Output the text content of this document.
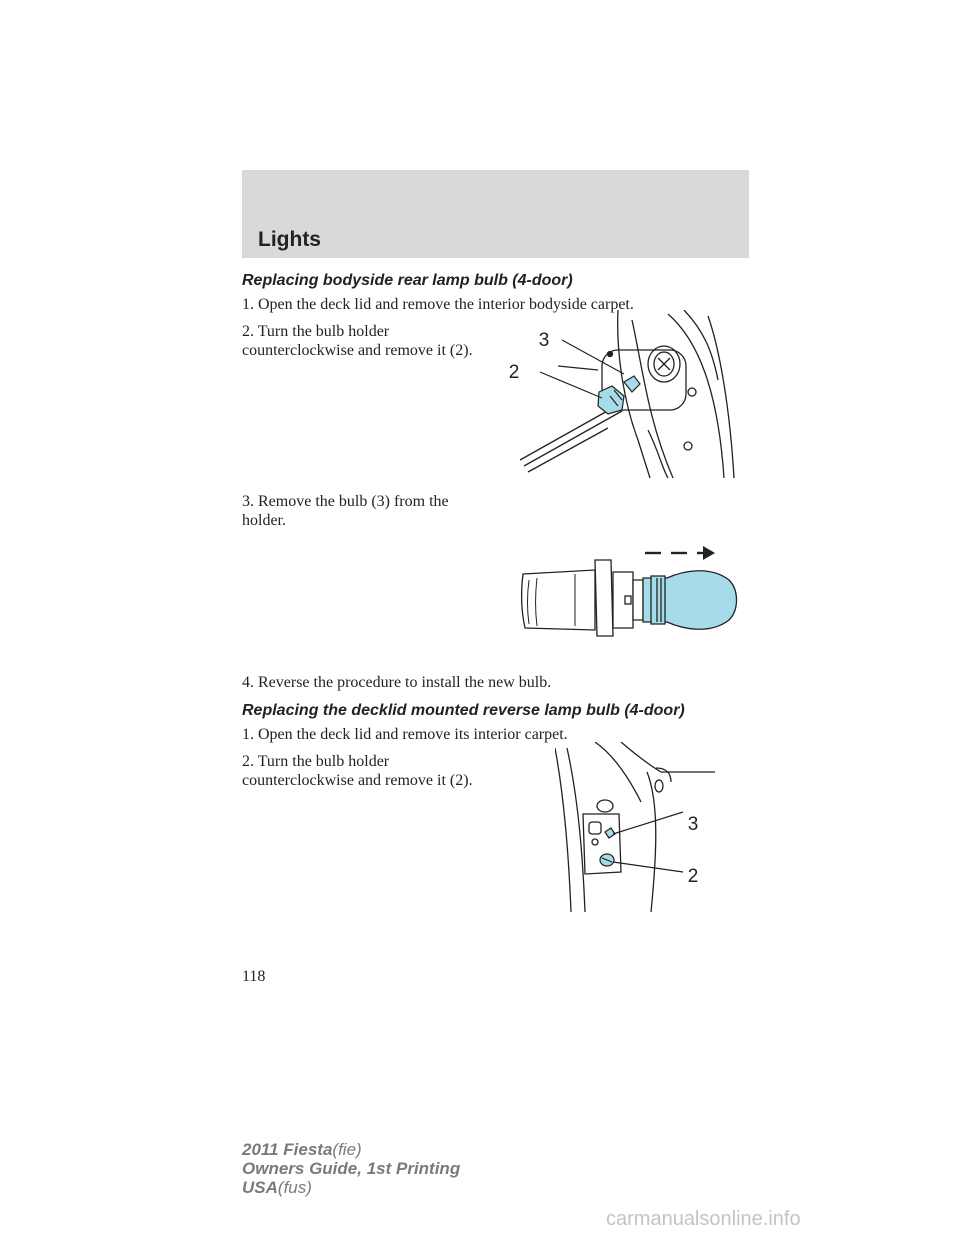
Lights
Replacing bodyside rear lamp bulb (4-door)
1. Open the deck lid and remove the interior bodyside carpet.
2. Turn the bulb holder
counterclockwise and remove it (2).	3
2
3. Remove the bulb (3) from the
holder.
4. Reverse the procedure to install the new bulb.
Replacing the decklid mounted reverse lamp bulb (4-door)
1. Open the deck lid and remove its interior carpet.
2. Turn the bulb holder
counterclockwise and remove it (2).
3
2
118
2011 Fiesta(fie)
Owners Guide, 1st Printing
USA(fus)
carmanualsonline.info
